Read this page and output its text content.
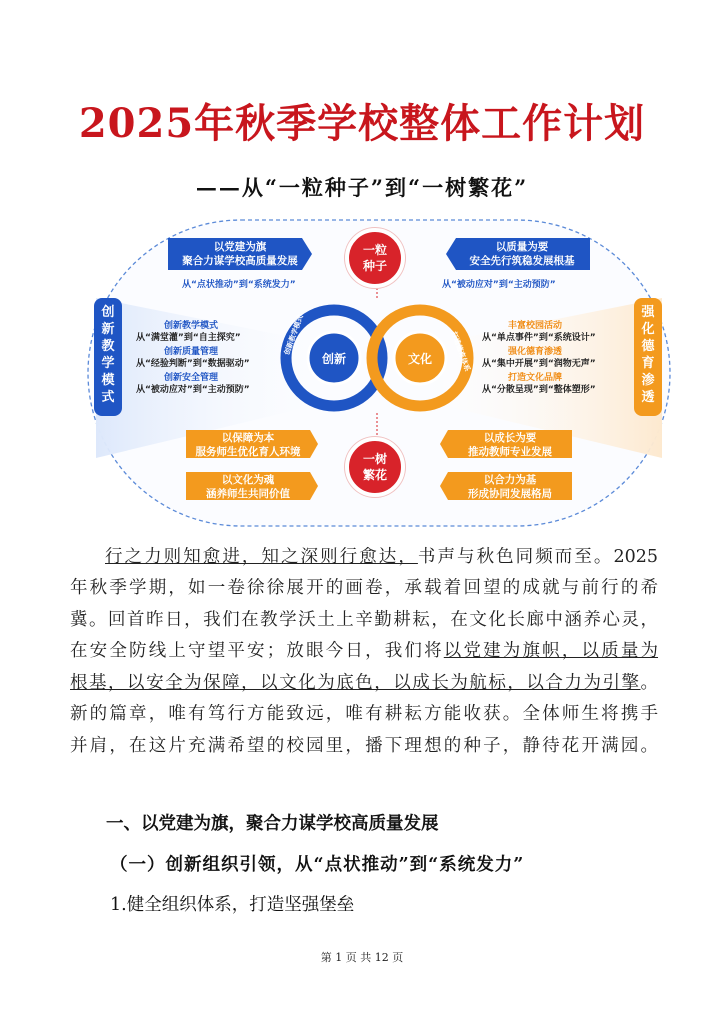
2025年秋季学校整体工作计划
——从“一粒种子”到“一树繁花”
以党建为旗
聚合力谋学校高质量发展
从“点状推动”到“系统发力”
以质量为要
安全先行筑稳发展根基
从“被动应对”到“主动预防”
一粒
种子
一树
繁花
创
新
教
学
模
式
强
化
德
育
渗
透
创新教学模式
从“满堂灌”到“自主探究”
创新质量管理
从“经验判断”到“数据驱动”
创新安全管理
从“被动应对”到“主动预防”
丰富校园活动
从“单点事件”到“系统设计”
强化德育渗透
从“集中开展”到“润物无声”
打造文化品牌
从“分散呈现”到“整体塑形”
创新	文化	打造德育体系
以保障为本
服务师生优化育人环境
以文化为魂
涵养师生共同价值
以成长为要
推动教师专业发展
以合力为基
形成协同发展格局
行之力则知愈进，知之深则行愈达，书声与秋色同频而至。2025
年秋季学期，如一卷徐徐展开的画卷，承载着回望的成就与前行的希
冀。回首昨日，我们在教学沃土上辛勤耕耘，在文化长廊中涵养心灵，
在安全防线上守望平安；放眼今日，我们将以党建为旗帜，以质量为
根基，以安全为保障，以文化为底色，以成长为航标，以合力为引擎。
新的篇章，唯有笃行方能致远，唯有耕耘方能收获。全体师生将携手
并肩，在这片充满希望的校园里，播下理想的种子，静待花开满园。
一、以党建为旗，聚合力谋学校高质量发展
（一）创新组织引领，从“点状推动”到“系统发力”
1.健全组织体系，打造坚强堡垒
第 1 页 共 12 页
